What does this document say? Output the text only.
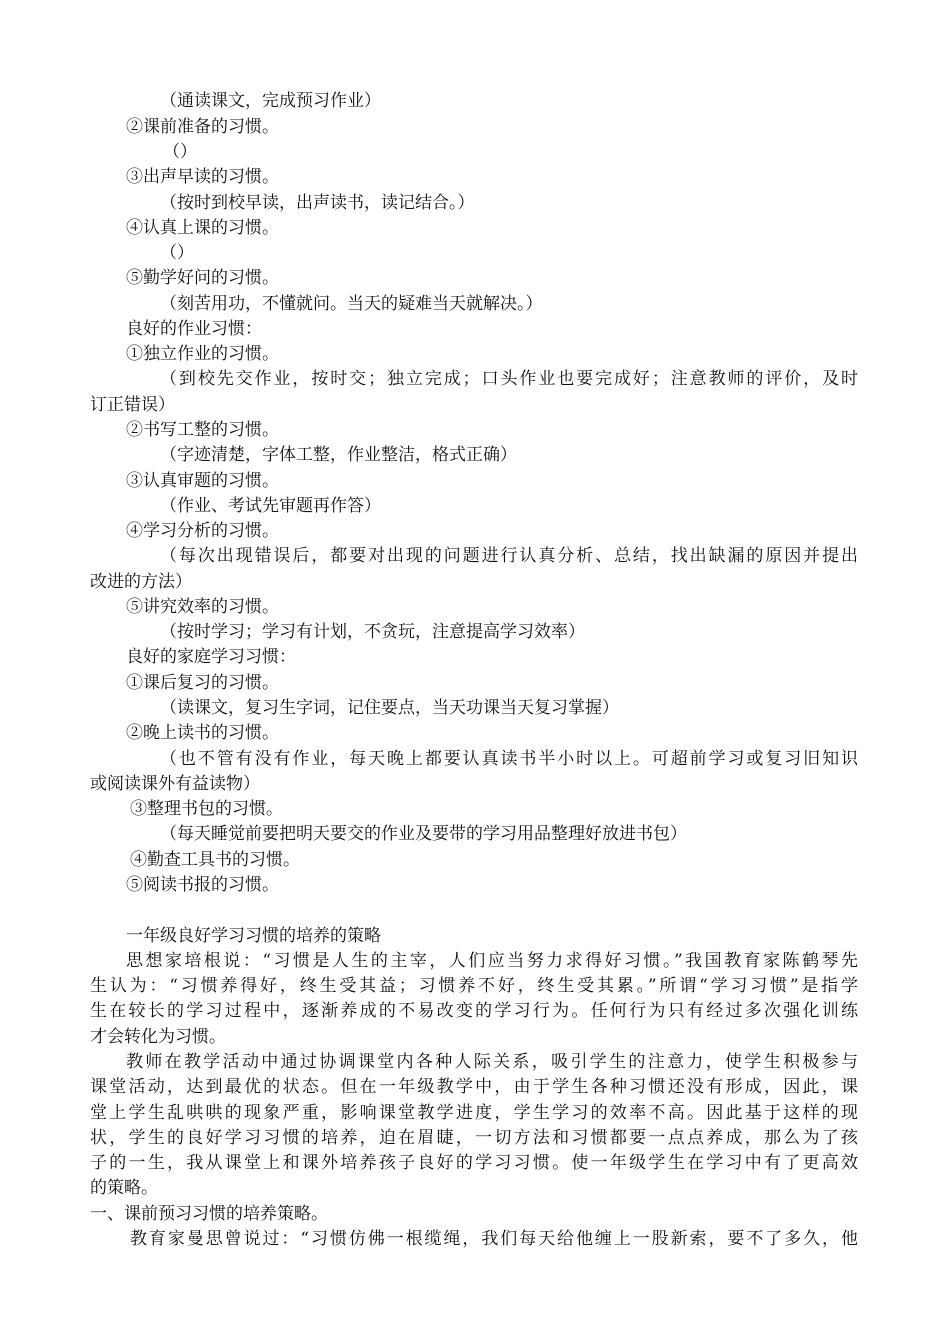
（通读课文，完成预习作业）
②课前准备的习惯。
（）
③出声早读的习惯。
（按时到校早读，出声读书，读记结合。）
④认真上课的习惯。
（）
⑤勤学好问的习惯。
（刻苦用功，不懂就问。当天的疑难当天就解决。）
良好的作业习惯：
①独立作业的习惯。
（到校先交作业，按时交；独立完成；口头作业也要完成好；注意教师的评价，及时
订正错误）
②书写工整的习惯。
（字迹清楚，字体工整，作业整洁，格式正确）
③认真审题的习惯。
（作业、考试先审题再作答）
④学习分析的习惯。
（每次出现错误后，都要对出现的问题进行认真分析、总结，找出缺漏的原因并提出
改进的方法）
⑤讲究效率的习惯。
（按时学习；学习有计划，不贪玩，注意提高学习效率）
良好的家庭学习习惯：
①课后复习的习惯。
（读课文，复习生字词，记住要点，当天功课当天复习掌握）
②晚上读书的习惯。
（也不管有没有作业，每天晚上都要认真读书半小时以上。可超前学习或复习旧知识
或阅读课外有益读物）
③整理书包的习惯。
（每天睡觉前要把明天要交的作业及要带的学习用品整理好放进书包）
④勤查工具书的习惯。
⑤阅读书报的习惯。
一年级良好学习习惯的培养的策略
思想家培根说：“习惯是人生的主宰，人们应当努力求得好习惯。”我国教育家陈鹤琴先
生认为：“习惯养得好，终生受其益；习惯养不好，终生受其累。”所谓“学习习惯”是指学
生在较长的学习过程中，逐渐养成的不易改变的学习行为。任何行为只有经过多次强化训练
才会转化为习惯。
教师在教学活动中通过协调课堂内各种人际关系，吸引学生的注意力，使学生积极参与
课堂活动，达到最优的状态。但在一年级教学中，由于学生各种习惯还没有形成，因此，课
堂上学生乱哄哄的现象严重，影响课堂教学进度，学生学习的效率不高。因此基于这样的现
状，学生的良好学习习惯的培养，迫在眉睫，一切方法和习惯都要一点点养成，那么为了孩
子的一生，我从课堂上和课外培养孩子良好的学习习惯。使一年级学生在学习中有了更高效
的策略。
一、课前预习习惯的培养策略。
教育家曼思曾说过：“习惯仿佛一根缆绳，我们每天给他缠上一股新索，要不了多久，他
